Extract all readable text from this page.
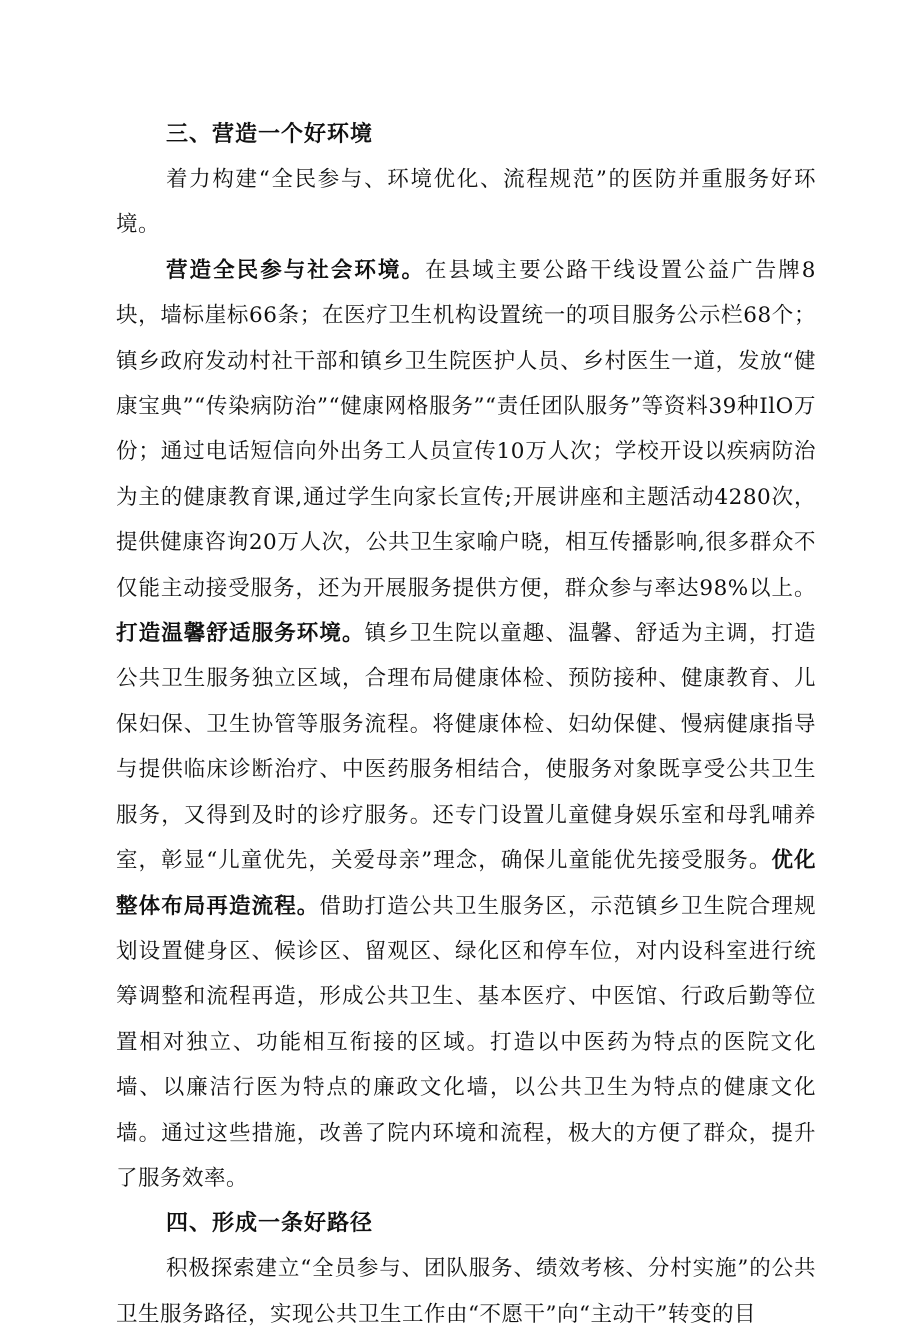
三、营造一个好环境

着力构建“全民参与、环境优化、流程规范”的医防并重服务好环境。

营造全民参与社会环境。在县域主要公路干线设置公益广告牌8块，墙标崖标66条；在医疗卫生机构设置统一的项目服务公示栏68个；镇乡政府发动村社干部和镇乡卫生院医护人员、乡村医生一道，发放“健康宝典”“传染病防治”“健康网格服务”“责任团队服务”等资料39种IlO万份；通过电话短信向外出务工人员宣传10万人次；学校开设以疾病防治为主的健康教育课,通过学生向家长宣传;开展讲座和主题活动4280次，提供健康咨询20万人次，公共卫生家喻户晓，相互传播影响,很多群众不仅能主动接受服务，还为开展服务提供方便，群众参与率达98%以上。打造温馨舒适服务环境。镇乡卫生院以童趣、温馨、舒适为主调，打造公共卫生服务独立区域，合理布局健康体检、预防接种、健康教育、儿保妇保、卫生协管等服务流程。将健康体检、妇幼保健、慢病健康指导与提供临床诊断治疗、中医药服务相结合，使服务对象既享受公共卫生服务，又得到及时的诊疗服务。还专门设置儿童健身娱乐室和母乳哺养室，彰显“儿童优先，关爱母亲”理念，确保儿童能优先接受服务。优化整体布局再造流程。借助打造公共卫生服务区，示范镇乡卫生院合理规划设置健身区、候诊区、留观区、绿化区和停车位，对内设科室进行统筹调整和流程再造，形成公共卫生、基本医疗、中医馆、行政后勤等位置相对独立、功能相互衔接的区域。打造以中医药为特点的医院文化墙、以廉洁行医为特点的廉政文化墙，以公共卫生为特点的健康文化墙。通过这些措施，改善了院内环境和流程，极大的方便了群众，提升了服务效率。

四、形成一条好路径

积极探索建立“全员参与、团队服务、绩效考核、分村实施”的公共卫生服务路径，实现公共卫生工作由“不愿干”向“主动干”转变的目
